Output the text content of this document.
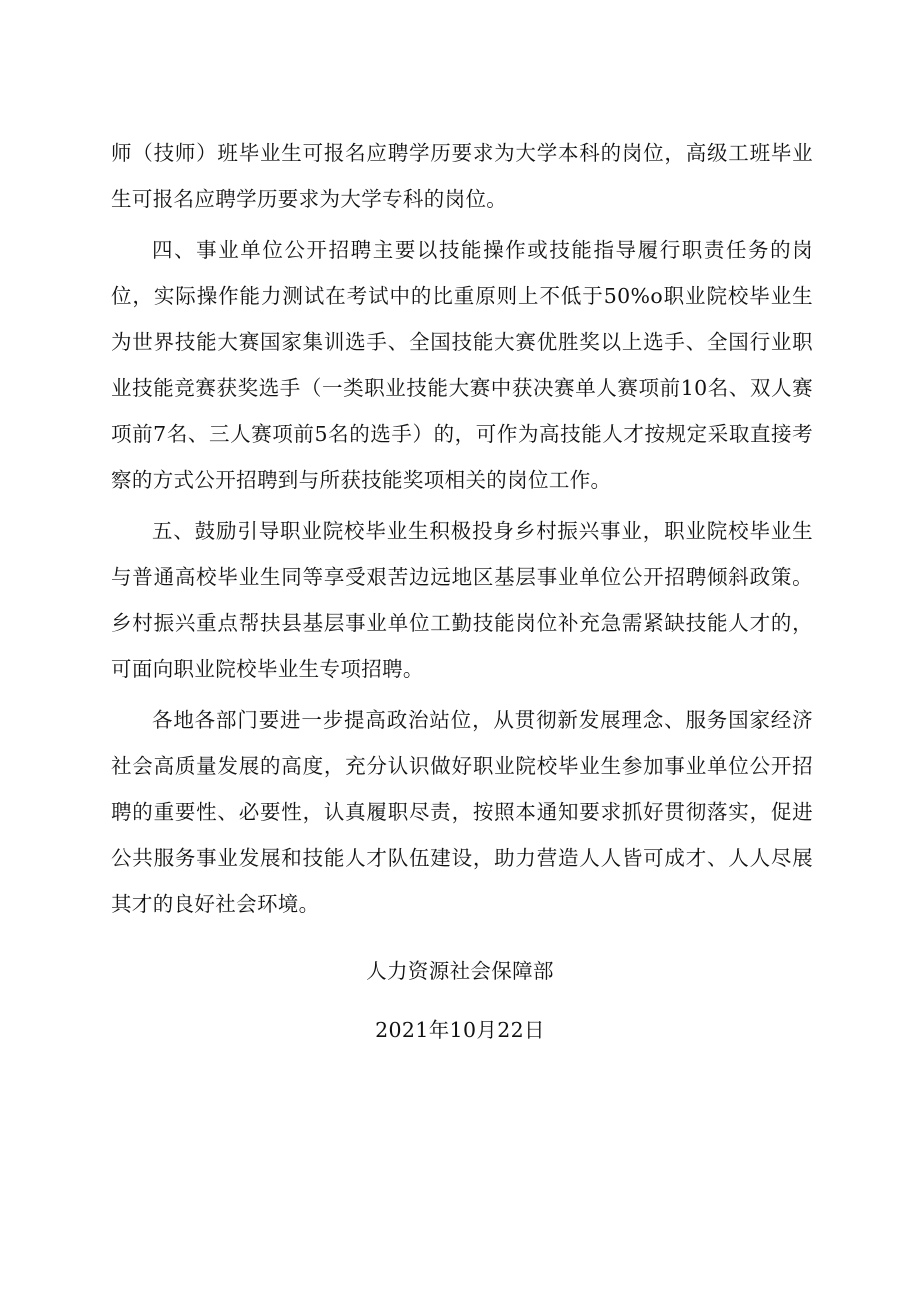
师（技师）班毕业生可报名应聘学历要求为大学本科的岗位，高级工班毕业生可报名应聘学历要求为大学专科的岗位。

四、事业单位公开招聘主要以技能操作或技能指导履行职责任务的岗位，实际操作能力测试在考试中的比重原则上不低于50%o职业院校毕业生为世界技能大赛国家集训选手、全国技能大赛优胜奖以上选手、全国行业职业技能竞赛获奖选手（一类职业技能大赛中获决赛单人赛项前10名、双人赛项前7名、三人赛项前5名的选手）的，可作为高技能人才按规定采取直接考察的方式公开招聘到与所获技能奖项相关的岗位工作。

五、鼓励引导职业院校毕业生积极投身乡村振兴事业，职业院校毕业生与普通高校毕业生同等享受艰苦边远地区基层事业单位公开招聘倾斜政策。乡村振兴重点帮扶县基层事业单位工勤技能岗位补充急需紧缺技能人才的，可面向职业院校毕业生专项招聘。

各地各部门要进一步提高政治站位，从贯彻新发展理念、服务国家经济社会高质量发展的高度，充分认识做好职业院校毕业生参加事业单位公开招聘的重要性、必要性，认真履职尽责，按照本通知要求抓好贯彻落实，促进公共服务事业发展和技能人才队伍建设，助力营造人人皆可成才、人人尽展其才的良好社会环境。

人力资源社会保障部
2021年10月22日
